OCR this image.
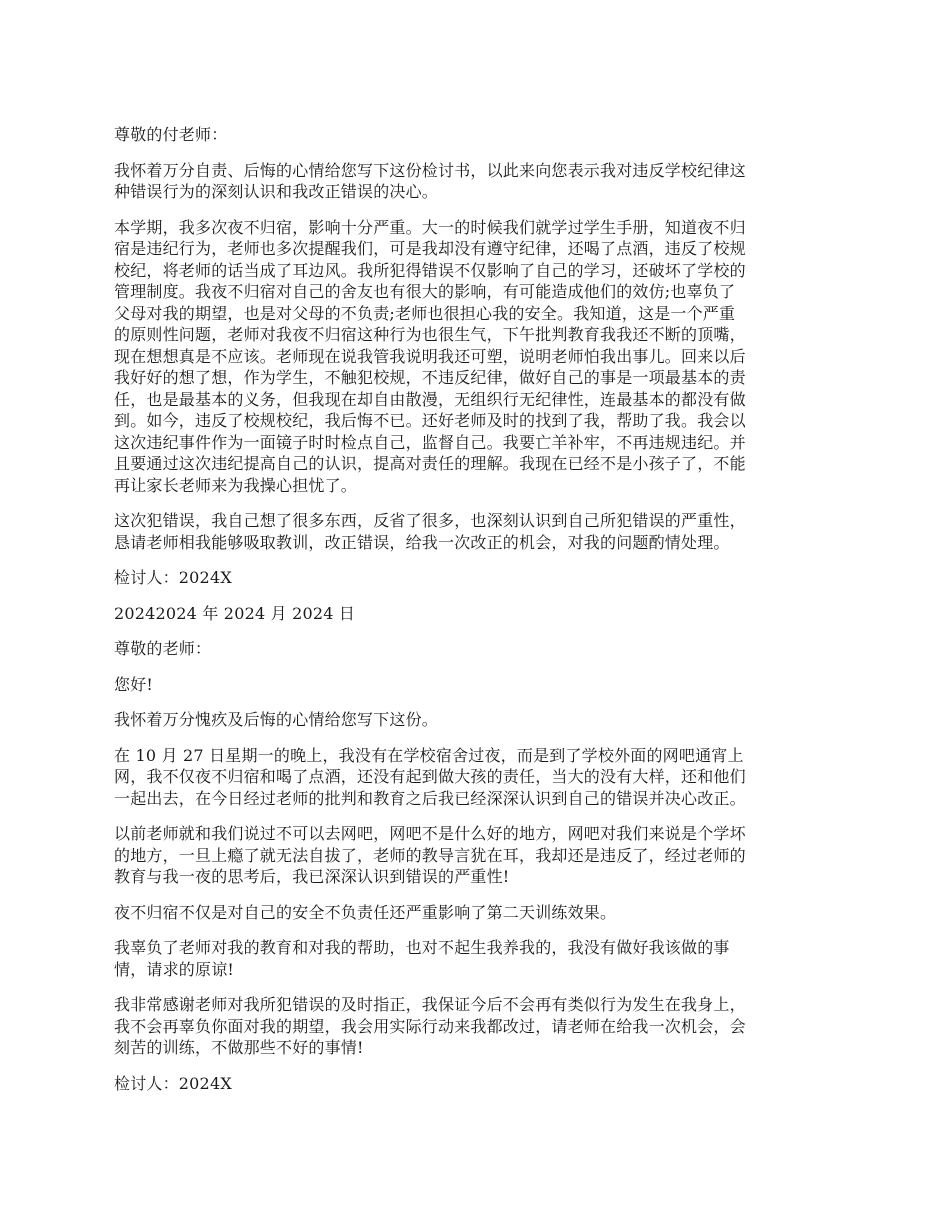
尊敬的付老师：

我怀着万分自责、后悔的心情给您写下这份检讨书，以此来向您表示我对违反学校纪律这
种错误行为的深刻认识和我改正错误的决心。

本学期，我多次夜不归宿，影响十分严重。大一的时候我们就学过学生手册，知道夜不归
宿是违纪行为，老师也多次提醒我们，可是我却没有遵守纪律，还喝了点酒，违反了校规
校纪，将老师的话当成了耳边风。我所犯得错误不仅影响了自己的学习，还破坏了学校的
管理制度。我夜不归宿对自己的舍友也有很大的影响，有可能造成他们的效仿;也辜负了
父母对我的期望，也是对父母的不负责;老师也很担心我的安全。我知道，这是一个严重
的原则性问题，老师对我夜不归宿这种行为也很生气，下午批判教育我我还不断的顶嘴，
现在想想真是不应该。老师现在说我管我说明我还可塑，说明老师怕我出事儿。回来以后
我好好的想了想，作为学生，不触犯校规，不违反纪律，做好自己的事是一项最基本的责
任，也是最基本的义务，但我现在却自由散漫，无组织行无纪律性，连最基本的都没有做
到。如今，违反了校规校纪，我后悔不已。还好老师及时的找到了我，帮助了我。我会以
这次违纪事件作为一面镜子时时检点自己，监督自己。我要亡羊补牢，不再违规违纪。并
且要通过这次违纪提高自己的认识，提高对责任的理解。我现在已经不是小孩子了，不能
再让家长老师来为我操心担忧了。

这次犯错误，我自己想了很多东西，反省了很多，也深刻认识到自己所犯错误的严重性，
恳请老师相我能够吸取教训，改正错误，给我一次改正的机会，对我的问题酌情处理。

检讨人：2024X

20242024 年 2024 月 2024 日

尊敬的老师：

您好!

我怀着万分愧疚及后悔的心情给您写下这份。

在 10 月 27 日星期一的晚上，我没有在学校宿舍过夜，而是到了学校外面的网吧通宵上
网，我不仅夜不归宿和喝了点酒，还没有起到做大孩的责任，当大的没有大样，还和他们
一起出去，在今日经过老师的批判和教育之后我已经深深认识到自己的错误并决心改正。

以前老师就和我们说过不可以去网吧，网吧不是什么好的地方，网吧对我们来说是个学坏
的地方，一旦上瘾了就无法自拔了，老师的教导言犹在耳，我却还是违反了，经过老师的
教育与我一夜的思考后，我已深深认识到错误的严重性!

夜不归宿不仅是对自己的安全不负责任还严重影响了第二天训练效果。

我辜负了老师对我的教育和对我的帮助，也对不起生我养我的，我没有做好我该做的事
情，请求的原谅!

我非常感谢老师对我所犯错误的及时指正，我保证今后不会再有类似行为发生在我身上，
我不会再辜负你面对我的期望，我会用实际行动来我都改过，请老师在给我一次机会，会
刻苦的训练，不做那些不好的事情!

检讨人：2024X
